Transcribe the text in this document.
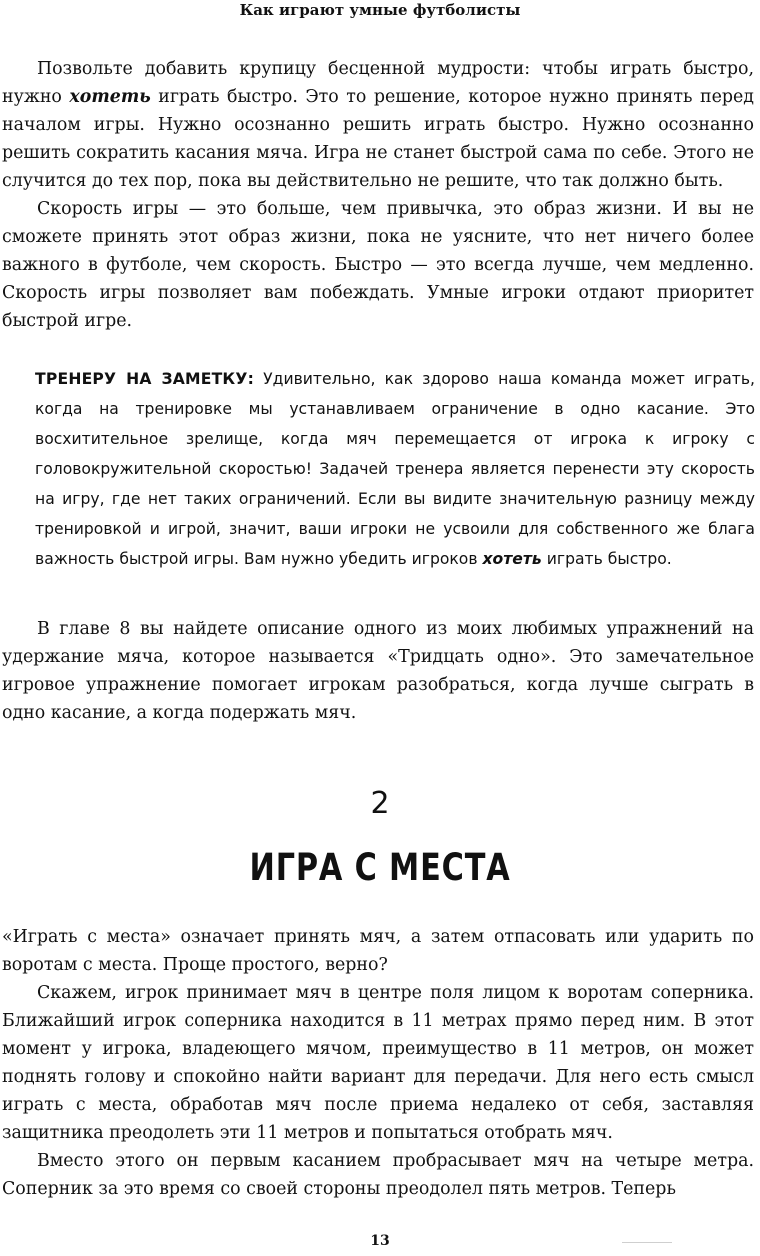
Как играют умные футболисты

Позвольте добавить крупицу бесценной мудрости: чтобы играть быстро, нужно хотеть играть быстро. Это то решение, которое нужно принять перед началом игры. Нужно осознанно решить играть быстро. Нужно осознанно решить сократить касания мяча. Игра не станет быстрой сама по себе. Этого не случится до тех пор, пока вы действительно не решите, что так должно быть.

Скорость игры — это больше, чем привычка, это образ жизни. И вы не сможете принять этот образ жизни, пока не уясните, что нет ничего более важного в футболе, чем скорость. Быстро — это всегда лучше, чем медленно. Скорость игры позволяет вам побеждать. Умные игроки отдают приоритет быстрой игре.

ТРЕНЕРУ НА ЗАМЕТКУ: Удивительно, как здорово наша команда может играть, когда на тренировке мы устанавливаем ограничение в одно касание. Это восхитительное зрелище, когда мяч перемещается от игрока к игроку с головокружительной скоростью! Задачей тренера является перенести эту скорость на игру, где нет таких ограничений. Если вы видите значительную разницу между тренировкой и игрой, значит, ваши игроки не усвоили для собственного же блага важность быстрой игры. Вам нужно убедить игроков хотеть играть быстро.

В главе 8 вы найдете описание одного из моих любимых упражнений на удержание мяча, которое называется «Тридцать одно». Это замечательное игровое упражнение помогает игрокам разобраться, когда лучше сыграть в одно касание, а когда подержать мяч.

2
ИГРА С МЕСТА

«Играть с места» означает принять мяч, а затем отпасовать или ударить по воротам с места. Проще простого, верно?

Скажем, игрок принимает мяч в центре поля лицом к воротам соперника. Ближайший игрок соперника находится в 11 метрах прямо перед ним. В этот момент у игрока, владеющего мячом, преимущество в 11 метров, он может поднять голову и спокойно найти вариант для передачи. Для него есть смысл играть с места, обработав мяч после приема недалеко от себя, заставляя защитника преодолеть эти 11 метров и попытаться отобрать мяч.

Вместо этого он первым касанием пробрасывает мяч на четыре метра. Соперник за это время со своей стороны преодолел пять метров. Теперь

13
